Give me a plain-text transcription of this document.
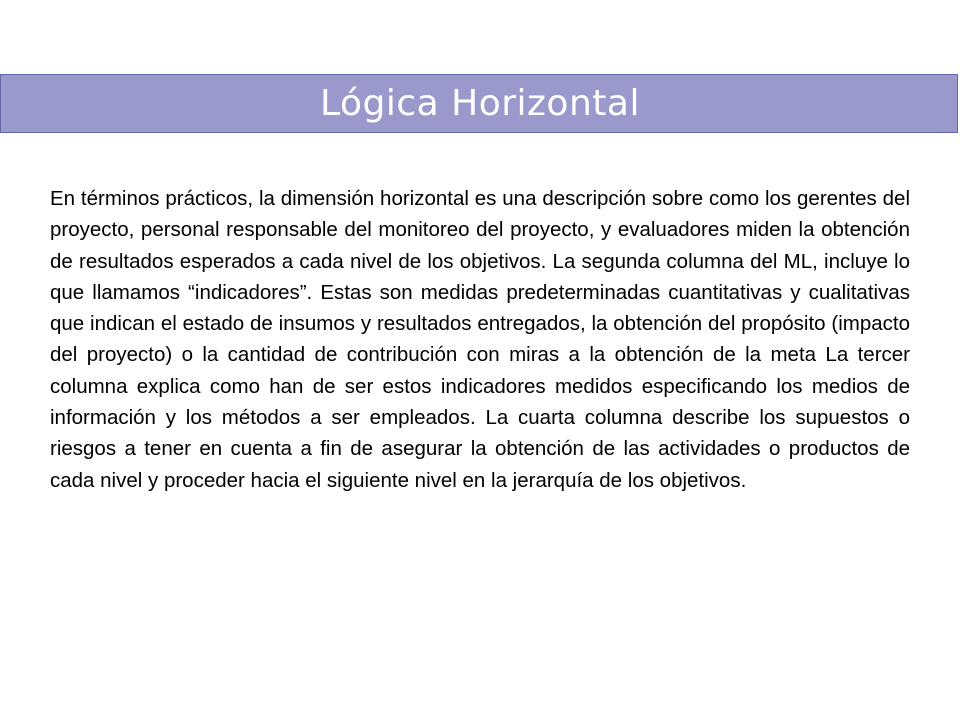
Lógica Horizontal

En términos prácticos, la dimensión horizontal es una descripción sobre como los gerentes del proyecto, personal responsable del monitoreo del proyecto, y evaluadores miden la obtención de resultados esperados a cada nivel de los objetivos. La segunda columna del ML, incluye lo que llamamos “indicadores”. Estas son medidas predeterminadas cuantitativas y cualitativas que indican el estado de insumos y resultados entregados, la obtención del propósito (impacto del proyecto) o la cantidad de contribución con miras a la obtención de la meta La tercer columna explica como han de ser estos indicadores medidos especificando los medios de información y los métodos a ser empleados. La cuarta columna describe los supuestos o riesgos a tener en cuenta a fin de asegurar la obtención de las actividades o productos de cada nivel y proceder hacia el siguiente nivel en la jerarquía de los objetivos.
